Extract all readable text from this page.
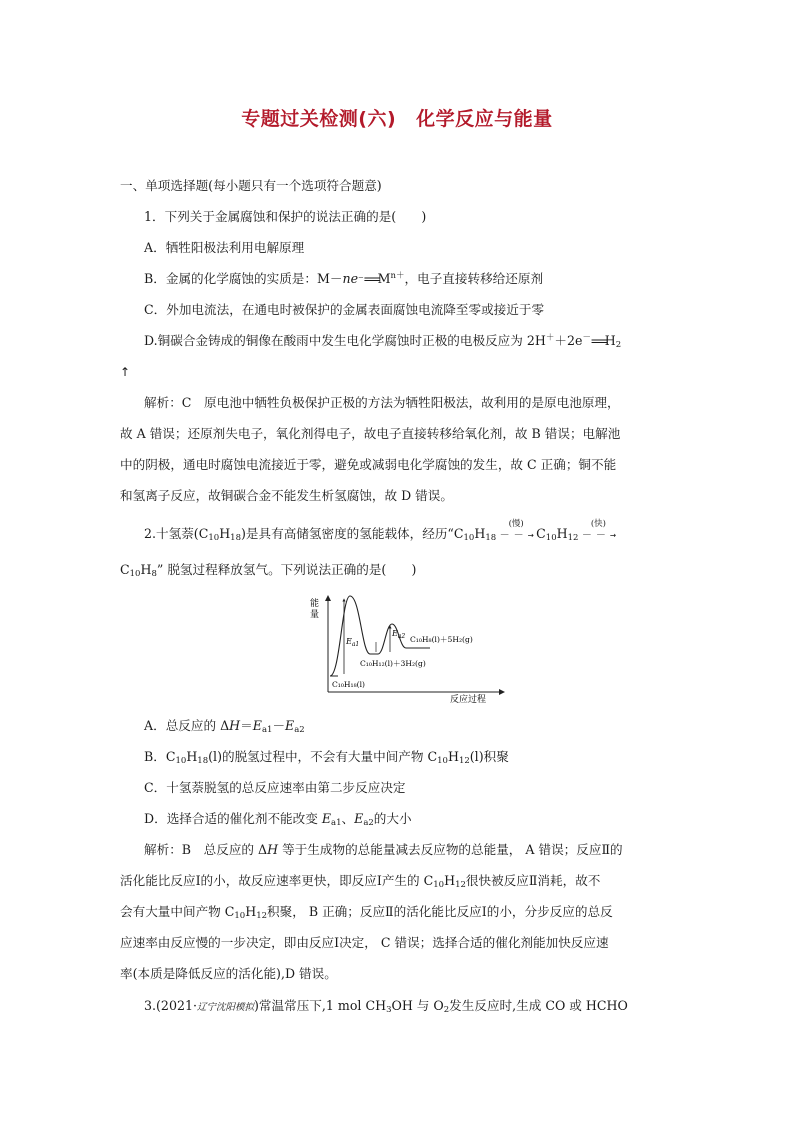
专题过关检测(六) 化学反应与能量
一、单项选择题(每小题只有一个选项符合题意)
1．下列关于金属腐蚀和保护的说法正确的是(　　)
A．牺牲阳极法利用电解原理
B．金属的化学腐蚀的实质是：$M-ne^-===M^{n+}$，电子直接转移给还原剂
C．外加电流法，在通电时被保护的金属表面腐蚀电流降至零或接近于零
D.铜碳合金铸成的铜像在酸雨中发生电化学腐蚀时正极的电极反应为 $2H^++2e^-===H_2$
↑
解析：C　原电池中牺牲负极保护正极的方法为牺牲阳极法，故利用的是原电池原理，
故 A 错误；还原剂失电子，氧化剂得电子，故电子直接转移给氧化剂，故 B 错误；电解池
中的阴极，通电时腐蚀电流接近于零，避免或减弱电化学腐蚀的发生，故 C 正确；铜不能
和氢离子反应，故铜碳合金不能发生析氢腐蚀，故 D 错误。
2.十氢萘$(C_{10}H_{18})$是具有高储氢密度的氢能载体，经历“$C_{10}H_{18}$
(慢)
－ － → $C_{10}H_{12}$
(快)
－ － →
$C_{10}H_8$” 脱氢过程释放氢气。下列说法正确的是(　　)
能
量
反应过程
$E_{a1}$
$E_{a2}$ C₁₀H₈(l)＋5H₂(g)
C₁₀H₁₂(l)＋3H₂(g)
C₁₀H₁₈(l)
A．总反应的 $\Delta H=E_{a1}-E_{a2}$
B．$C_{10}H_{18}(l)$的脱氢过程中，不会有大量中间产物 $C_{10}H_{12}(l)$积聚
C．十氢萘脱氢的总反应速率由第二步反应决定
D．选择合适的催化剂不能改变 $E_{a1}$、$E_{a2}$的大小
解析：B　总反应的 ΔH 等于生成物的总能量减去反应物的总能量， A 错误；反应Ⅱ的
活化能比反应Ⅰ的小，故反应速率更快，即反应Ⅰ产生的 $C_{10}H_{12}$很快被反应Ⅱ消耗，故不
会有大量中间产物 $C_{10}H_{12}$积聚， B 正确；反应Ⅱ的活化能比反应Ⅰ的小，分步反应的总反
应速率由反应慢的一步决定，即由反应Ⅰ决定， C 错误；选择合适的催化剂能加快反应速
率(本质是降低反应的活化能),D 错误。
3.(2021·辽宁沈阳模拟)常温常压下,1 mol $CH_3OH$ 与 $O_2$发生反应时,生成 CO 或 HCHO
